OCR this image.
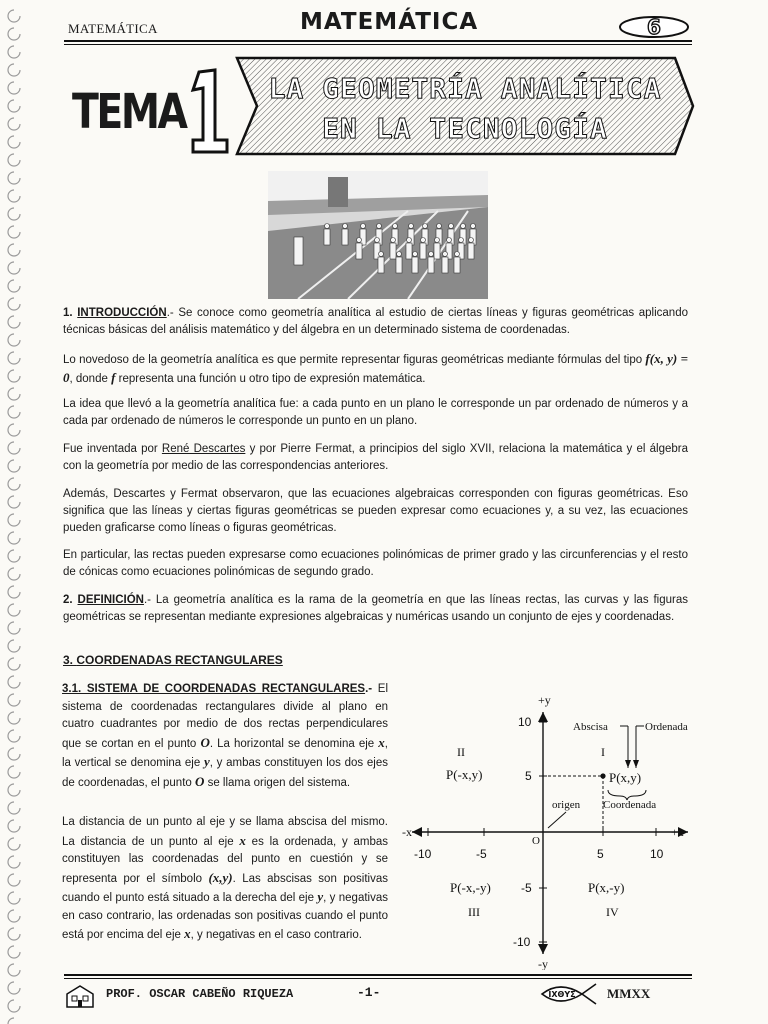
MATEMÁTICA	MATEMÁTICA	6
TEMA
1
LA GEOMETRÍA ANALÍTICA
EN LA TECNOLOGÍA

1. INTRODUCCIÓN.- Se conoce como geometría analítica al estudio de ciertas líneas y figuras geométricas aplicando técnicas básicas del análisis matemático y del álgebra en un determinado sistema de coordenadas.

Lo novedoso de la geometría analítica es que permite representar figuras geométricas mediante fórmulas del tipo f(x, y) = 0, donde f representa una función u otro tipo de expresión matemática.

La idea que llevó a la geometría analítica fue: a cada punto en un plano le corresponde un par ordenado de números y a cada par ordenado de números le corresponde un punto en un plano.

Fue inventada por René Descartes y por Pierre Fermat, a principios del siglo XVII, relaciona la matemática y el álgebra con la geometría por medio de las correspondencias anteriores.

Además, Descartes y Fermat observaron, que las ecuaciones algebraicas corresponden con figuras geométricas. Eso significa que las líneas y ciertas figuras geométricas se pueden expresar como ecuaciones y, a su vez, las ecuaciones pueden graficarse como líneas o figuras geométricas.

En particular, las rectas pueden expresarse como ecuaciones polinómicas de primer grado y las circunferencias y el resto de cónicas como ecuaciones polinómicas de segundo grado.

2. DEFINICIÓN.- La geometría analítica es la rama de la geometría en que las líneas rectas, las curvas y las figuras geométricas se representan mediante expresiones algebraicas y numéricas usando un conjunto de ejes y coordenadas.

3. COORDENADAS RECTANGULARES

3.1. SISTEMA DE COORDENADAS RECTANGULARES.- El sistema de coordenadas rectangulares divide al plano en cuatro cuadrantes por medio de dos rectas perpendiculares que se cortan en el punto O. La horizontal se denomina eje x, la vertical se denomina eje y, y ambas constituyen los dos ejes de coordenadas, el punto O se llama origen del sistema.

La distancia de un punto al eje y se llama abscisa del mismo. La distancia de un punto al eje x es la ordenada, y ambas constituyen las coordenadas del punto en cuestión y se representa por el símbolo (x,y). Las abscisas son positivas cuando el punto está situado a la derecha del eje y, y negativas en caso contrario, las ordenadas son positivas cuando el punto está por encima del eje x, y negativas en el caso contrario.

+y
-y
+x
-x
O
-10	-5	5	10
10
5
-5
-10
II	I
III	IV
P(-x,y)	P(x,y)
P(-x,-y)	P(x,-y)
Abscisa	Ordenada
Coordenada
origen
PROF. OSCAR CABEÑO RIQUEZA	-1-	ΙΧΘΥΣ MMXX
